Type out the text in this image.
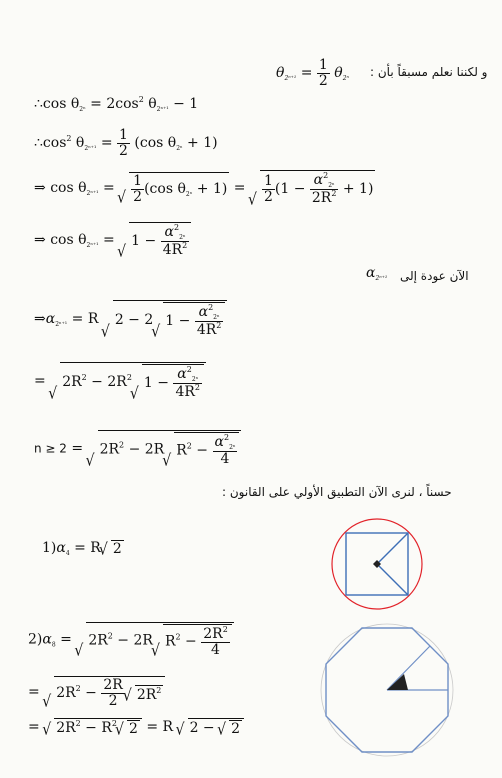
و لكننا نعلم مسبقاً بأن :
$\theta_{2^{n+1}} = \frac{1}{2} \theta_{2^n}$
∴cos $\theta_{2^n} = 2\cos^2$ $\theta_{2^{n+1}} - 1$
$\therefore\cos^2$ $\theta_{2^{n+1}} = \frac{1}{2} (\cos$ $\theta_{2^n} + 1$)
⇒ $\cos \theta_{2^{n+1}}$ =
√ $\frac{1}{2} (\cos$ $\theta_{2^n} + 1$) =
√ $\frac{1}{2} (1 - \frac{\alpha^2_{2^n}}{2R^2} + 1)$
⇒ $\cos \theta_{2^{n+1}}$ = √ $1 - \frac{\alpha^2_{2^n}}{4R^2}$
الآن عودة إلى
$\alpha_{2^{n+1}}$
$\Rightarrow\alpha_{2^{n+1}} = R$ √ 2 − 2√ $1 - \frac{\alpha^2_{2^n}}{4R^2}$
= √ $2R^2 - 2R^2√$ $1 - \frac{\alpha^2_{2^n}}{4R^2}$
n ≥ 2 = √ $2R^2 - 2R√$ $R^2 - \frac{\alpha^2_{2^n}}{4}$
حسناً ، لنرى الآن التطبيق الأولي على القانون :
$1)\alpha_4 = R√$ 2
$2)\alpha_8$ = √ $2R^2 - 2R√$ $R^2 - \frac{2R^2}{4}$
= √ $2R^2 - \frac{2R}{2}$
√ $2R^2$
= √ $2R^2 - R^2√$ 2 = R √ 2 − √ 2
